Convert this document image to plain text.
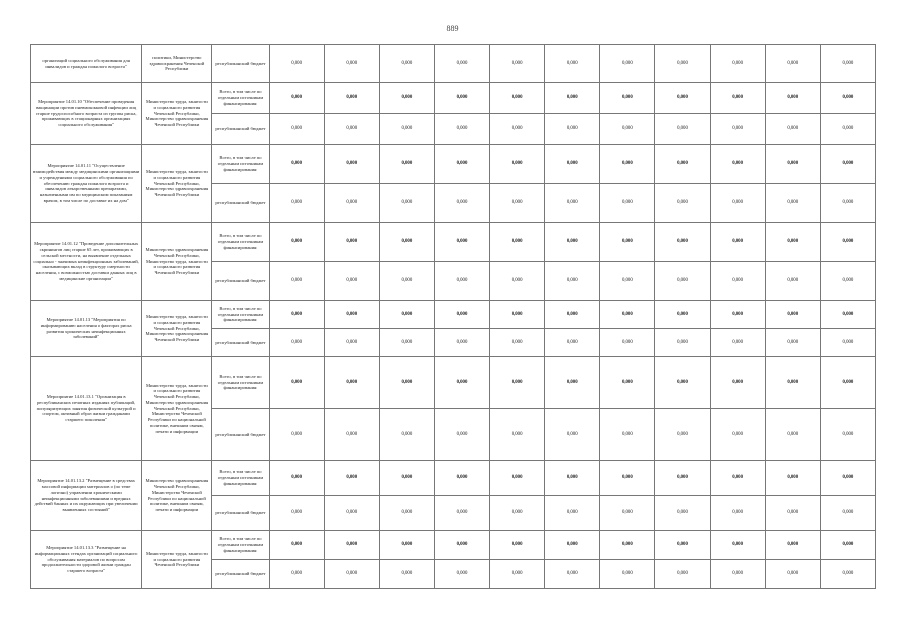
889
организаций социального обслуживания для инвалидов и граждан пожилого возраста"	политики, Министерство здравоохранения Чеченской Республики	республиканский бюджет	0,000	0,000	0,000	0,000	0,000	0,000	0,000	0,000	0,000	0,000	0,000
Мероприятие 14.01.10 "Обеспечение проведения вакцинации против пневмококковой инфекции лиц старше трудоспособного возраста из группы риска, проживающих в стационарных организациях социального обслуживания"	Министерство труда, занятости и социального развития Чеченской Республики, Министерство здравоохранения Чеченской Республики	Всего, в том числе по отдельным источникам финансирования:	0,000	0,000	0,000	0,000	0,000	0,000	0,000	0,000	0,000	0,000	0,000
		республиканский бюджет	0,000	0,000	0,000	0,000	0,000	0,000	0,000	0,000	0,000	0,000	0,000
Мероприятие 14.01.11 "Осуществление взаимодействия между медицинскими организациями и учреждениями социального обслуживания по обеспечению граждан пожилого возраста и инвалидов лекарственными препаратами, назначенными им по медицинским показаниям врачом, в том числе по доставке их на дом"	Министерство труда, занятости и социального развития Чеченской Республики, Министерство здравоохранения Чеченской Республики	Всего, в том числе по отдельным источникам финансирования:	0,000	0,000	0,000	0,000	0,000	0,000	0,000	0,000	0,000	0,000	0,000
		республиканский бюджет	0,000	0,000	0,000	0,000	0,000	0,000	0,000	0,000	0,000	0,000	0,000
Мероприятие 14.01.12 "Проведение дополнительных скринингов лиц старше 65 лет, проживающих в сельской местности, на выявление отдельных социально - значимых неинфекционных заболеваний, оказывающих вклад в структуру смертности населения, с возможностью доставки данных лиц в медицинские организации"	Министерство здравоохранения Чеченской Республики, Министерство труда, занятости и социального развития Чеченской Республики	Всего, в том числе по отдельным источникам финансирования:	0,000	0,000	0,000	0,000	0,000	0,000	0,000	0,000	0,000	0,000	0,000
		республиканский бюджет	0,000	0,000	0,000	0,000	0,000	0,000	0,000	0,000	0,000	0,000	0,000
Мероприятие 14.01.13 "Мероприятия по информированию населения о факторах риска развития хронических неинфекционных заболеваний"	Министерство труда, занятости и социального развития Чеченской Республики, Министерство здравоохранения Чеченской Республики	Всего, в том числе по отдельным источникам финансирования:	0,000	0,000	0,000	0,000	0,000	0,000	0,000	0,000	0,000	0,000	0,000
		республиканский бюджет	0,000	0,000	0,000	0,000	0,000	0,000	0,000	0,000	0,000	0,000	0,000
Мероприятие 14.01.13.1 "Организация в республиканских печатных изданиях публикаций, популяризующих занятия физической культурой и спортом, активный образ жизни гражданами старшего поколения"	Министерство труда, занятости и социального развития Чеченской Республики, Министерство здравоохранения Чеченской Республики, Министерство Чеченской Республики по национальной политике, внешним связям, печати и информации	Всего, в том числе по отдельным источникам финансирования:	0,000	0,000	0,000	0,000	0,000	0,000	0,000	0,000	0,000	0,000	0,000
		республиканский бюджет	0,000	0,000	0,000	0,000	0,000	0,000	0,000	0,000	0,000	0,000	0,000
Мероприятие 14.01.13.2 "Размещение в средствах массовой информации материалов о (по теме логично) управлении хроническими неинфекционными заболеваниями и вредных действий банных и их окружающих при увеличении выявленных состояний"	Министерство здравоохранения Чеченской Республики, Министерство Чеченской Республики по национальной политике, внешним связям, печати и информации	Всего, в том числе по отдельным источникам финансирования:	0,000	0,000	0,000	0,000	0,000	0,000	0,000	0,000	0,000	0,000	0,000
		республиканский бюджет	0,000	0,000	0,000	0,000	0,000	0,000	0,000	0,000	0,000	0,000	0,000
Мероприятие 14.01.13.3 "Размещение на информационных стендах организаций социального обслуживания материалов по вопросам продолжительности здоровой жизни граждан старшего возраста"	Министерство труда, занятости и социального развития Чеченской Республики	Всего, в том числе по отдельным источникам финансирования:	0,000	0,000	0,000	0,000	0,000	0,000	0,000	0,000	0,000	0,000	0,000
		республиканский бюджет	0,000	0,000	0,000	0,000	0,000	0,000	0,000	0,000	0,000	0,000	0,000
